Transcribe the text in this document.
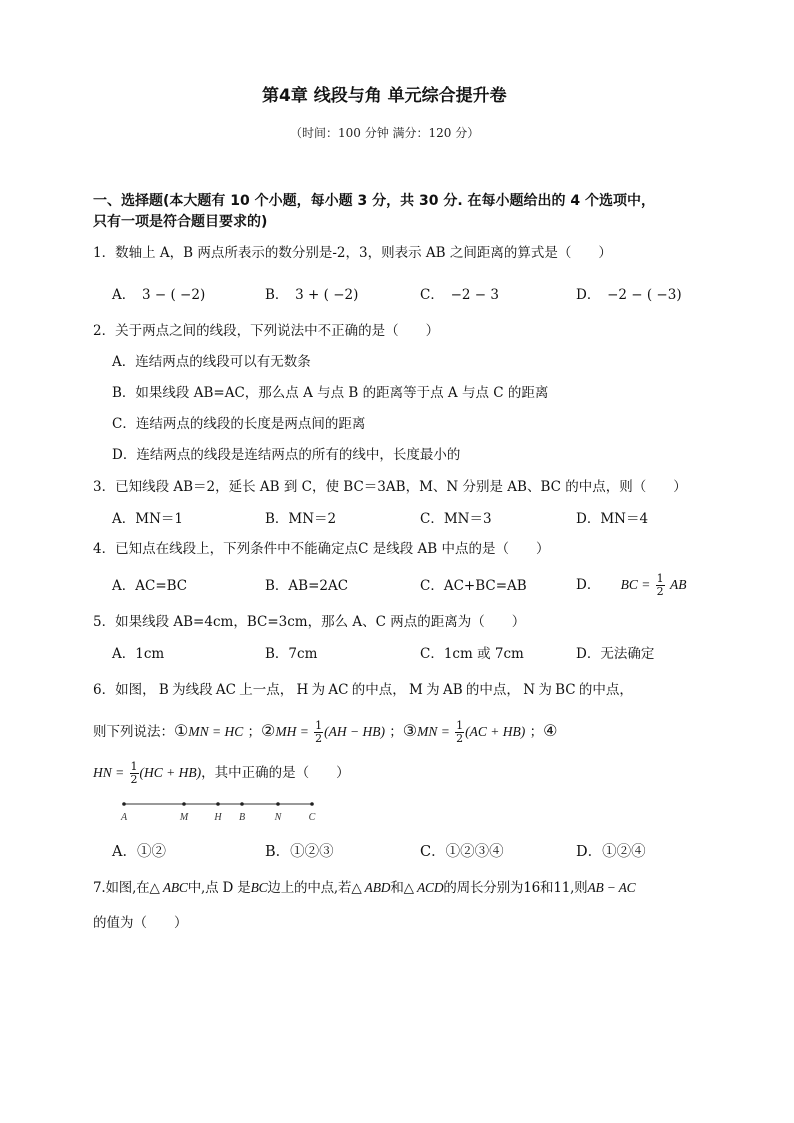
第4章 线段与角 单元综合提升卷
（时间：100 分钟 满分：120 分）
一、选择题(本大题有 10 个小题，每小题 3 分，共 30 分. 在每小题给出的 4 个选项中，
只有一项是符合题目要求的)
1．数轴上 A，B 两点所表示的数分别是-2，3，则表示 AB 之间距离的算式是（　　）
A．　3 − ( −2)	B．　3 + ( −2)	C．　−2 − 3	D．　−2 − ( −3)
2．关于两点之间的线段，下列说法中不正确的是（　　）
A．连结两点的线段可以有无数条
B．如果线段 AB=AC，那么点 A 与点 B 的距离等于点 A 与点 C 的距离
C．连结两点的线段的长度是两点间的距离
D．连结两点的线段是连结两点的所有的线中，长度最小的
3．已知线段 AB＝2，延长 AB 到 C，使 BC＝3AB，M、N 分别是 AB、BC 的中点，则（　　）
A．MN＝1	B．MN＝2	C．MN＝3	D．MN＝4
4．已知点在线段上，下列条件中不能确定点C 是线段 AB 中点的是（　　）
A．AC=BC	B．AB=2AC	C．AC+BC=AB	D． BC = $\frac{1}{2}$ AB
5．如果线段 AB=4cm，BC=3cm，那么 A、C 两点的距离为（　　）
A．1cm	B．7cm	C．1cm 或 7cm	D．无法确定
6．如图， B 为线段 AC 上一点， H 为 AC 的中点， M 为 AB 的中点， N 为 BC 的中点，
则下列说法：①MN = HC ；②MH = $\frac{1}{2} (AH - HB)$ ；③MN = $\frac{1}{2} (AC + HB)$ ；④
HN = $\frac{1}{2} (HC + HB)$，其中正确的是（　　）
A	M	H B	N	C
A．①②	B．①②③	C．①②③④	D．①②④
7.如图,在△ ABC中,点 D 是BC边上的中点,若△ ABD和△ ACD的周长分别为16和11,则AB − AC
的值为（　　）
